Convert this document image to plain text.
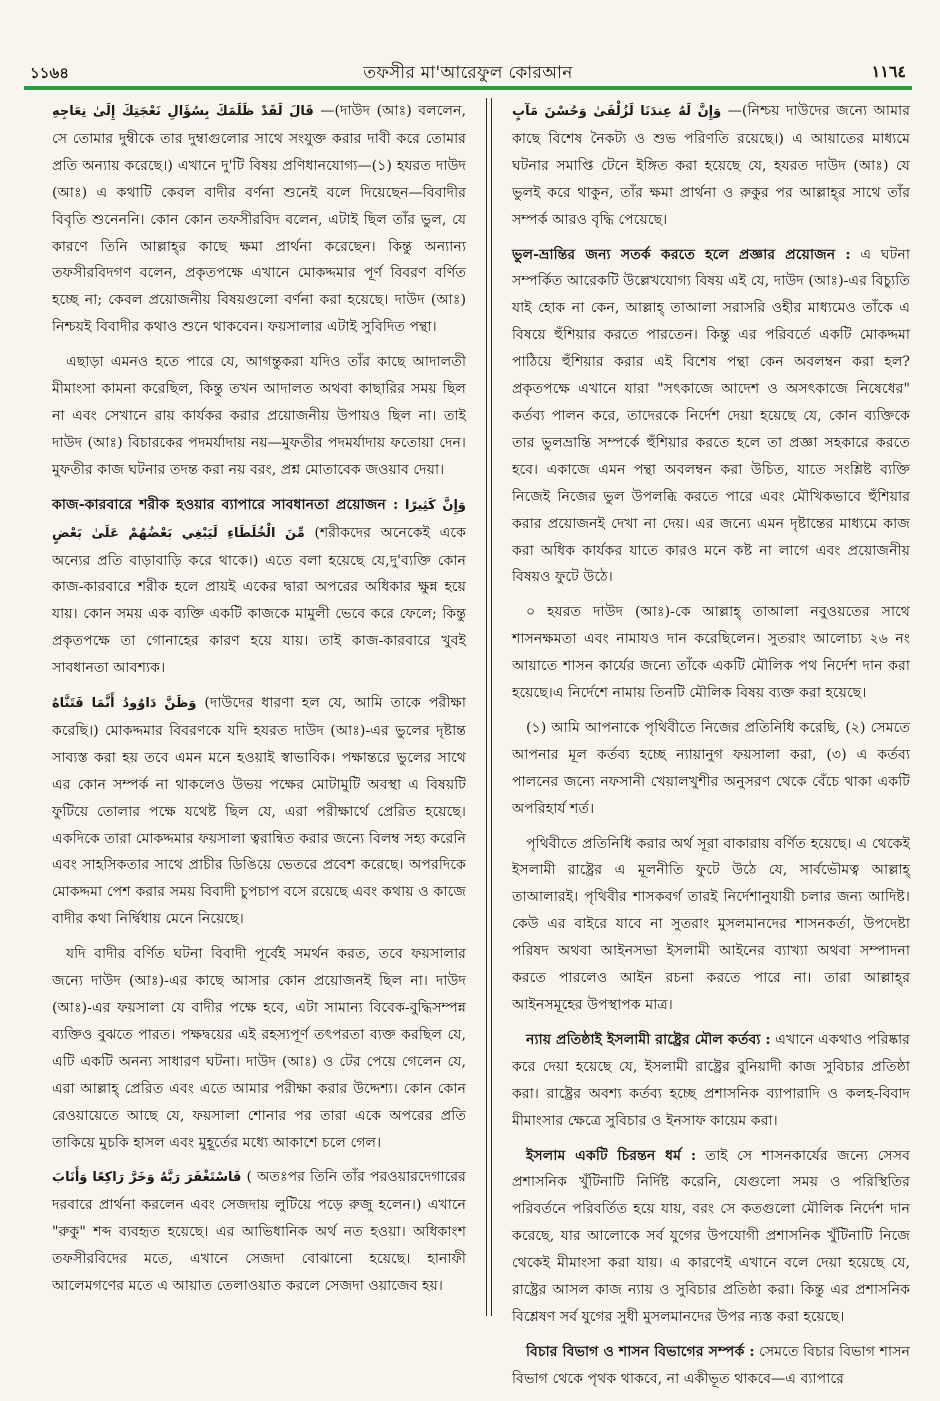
১১৬৪	তফসীর মা'আরেফুল কোরআন	١١٦٤

قَالَ لَقَدْ ظَلَمَكَ بِسُؤَالِ نَعْجَتِكَ إِلَىٰ نِعَاجِهِ —(দাউদ (আঃ) বললেন, সে তোমার দুম্বীকে তার দুম্বাগুলোর সাথে সংযুক্ত করার দাবী করে তোমার প্রতি অন্যায় করেছে।) এখানে দু'টি বিষয় প্রণিধানযোগ্য—(১) হযরত দাউদ (আঃ) এ কথাটি কেবল বাদীর বর্ণনা শুনেই বলে দিয়েছেন—বিবাদীর বিবৃতি শুনেননি। কোন কোন তফসীরবিদ বলেন, এটাই ছিল তাঁর ভুল, যে কারণে তিনি আল্লাহ্‌র কাছে ক্ষমা প্রার্থনা করেছেন। কিন্তু অন্যান্য তফসীরবিদগণ বলেন, প্রকৃতপক্ষে এখানে মোকদ্দমার পূর্ণ বিবরণ বর্ণিত হচ্ছে না; কেবল প্রয়োজনীয় বিষয়গুলো বর্ণনা করা হয়েছে। দাউদ (আঃ) নিশ্চয়ই বিবাদীর কথাও শুনে থাকবেন। ফয়সালার এটাই সুবিদিত পন্থা।

এছাড়া এমনও হতে পারে যে, আগন্তুকরা যদিও তাঁর কাছে আদালতী মীমাংসা কামনা করেছিল, কিন্তু তখন আদালত অথবা কাছারির সময় ছিল না এবং সেখানে রায় কার্যকর করার প্রয়োজনীয় উপায়ও ছিল না। তাই দাউদ (আঃ) বিচারকের পদমর্যাদায় নয়—মুফতীর পদমর্যাদায় ফতোয়া দেন। মুফতীর কাজ ঘটনার তদন্ত করা নয় বরং, প্রশ্ন মোতাবেক জওয়াব দেয়া।

কাজ-কারবারে শরীক হওয়ার ব্যাপারে সাবধানতা প্রয়োজন : وَإِنَّ كَثِيرًا مِّنَ الْخُلَطَاءِ لَيَبْغِي بَعْضُهُمْ عَلَىٰ بَعْضٍ (শরীকদের অনেকেই একে অন্যের প্রতি বাড়াবাড়ি করে থাকে।) এতে বলা হয়েছে যে,দু'ব্যক্তি কোন কাজ-কারবারে শরীক হলে প্রায়ই একের দ্বারা অপরের অধিকার ক্ষুন্ন হয়ে যায়। কোন সময় এক ব্যক্তি একটি কাজকে মামুলী ভেবে করে ফেলে; কিন্তু প্রকৃতপক্ষে তা গোনাহের কারণ হয়ে যায়। তাই কাজ-কারবারে খুবই সাবধানতা আবশ্যক।

وَظَنَّ دَاوُودُ أَنَّمَا فَتَنَّاهُ (দাউদের ধারণা হল যে, আমি তাকে পরীক্ষা করেছি।) মোকদ্দমার বিবরণকে যদি হযরত দাউদ (আঃ)-এর ভুলের দৃষ্টান্ত সাব্যস্ত করা হয় তবে এমন মনে হওয়াই স্বাভাবিক। পক্ষান্তরে ভুলের সাথে এর কোন সম্পর্ক না থাকলেও উভয় পক্ষের মোটামুটি অবস্থা এ বিষয়টি ফুটিয়ে তোলার পক্ষে যথেষ্ট ছিল যে, এরা পরীক্ষার্থে প্রেরিত হয়েছে। একদিকে তারা মোকদ্দমার ফয়সালা ত্বরান্বিত করার জন্যে বিলম্ব সহ্য করেনি এবং সাহসিকতার সাথে প্রাচীর ডিঙিয়ে ভেতরে প্রবেশ করেছে। অপরদিকে মোকদ্দমা পেশ করার সময় বিবাদী চুপচাপ বসে রয়েছে এবং কথায় ও কাজে বাদীর কথা নির্দ্বিধায় মেনে নিয়েছে।

যদি বাদীর বর্ণিত ঘটনা বিবাদী পূর্বেই সমর্থন করত, তবে ফয়সালার জন্যে দাউদ (আঃ)-এর কাছে আসার কোন প্রয়োজনই ছিল না। দাউদ (আঃ)-এর ফয়সালা যে বাদীর পক্ষে হবে, এটা সামান্য বিবেক-বুদ্ধিসম্পন্ন ব্যক্তিও বুঝতে পারত। পক্ষদ্বয়ের এই রহস্যপূর্ণ তৎপরতা ব্যক্ত করছিল যে, এটি একটি অনন্য সাধারণ ঘটনা। দাউদ (আঃ) ও টের পেয়ে গেলেন যে, এরা আল্লাহ্‌ প্রেরিত এবং এতে আমার পরীক্ষা করার উদ্দেশ্য। কোন কোন রেওয়ায়েতে আছে যে, ফয়সালা শোনার পর তারা একে অপরের প্রতি তাকিয়ে মুচকি হাসল এবং মুহূর্তের মধ্যে আকাশে চলে গেল।

فَاسْتَغْفَرَ رَبَّهُ وَخَرَّ رَاكِعًا وَأَنَابَ ( অতঃপর তিনি তাঁর পরওয়ারদেগারের দরবারে প্রার্থনা করলেন এবং সেজদায় লুটিয়ে পড়ে রুজু হলেন।) এখানে "রুকু" শব্দ ব্যবহৃত হয়েছে। এর আভিধানিক অর্থ নত হওয়া। অধিকাংশ তফসীরবিদের মতে, এখানে সেজদা বোঝানো হয়েছে। হানাফী আলেমগণের মতে এ আয়াত তেলাওয়াত করলে সেজদা ওয়াজেব হয়।

وَإِنَّ لَهُ عِندَنَا لَزُلْفَىٰ وَحُسْنَ مَآبٍ —(নিশ্চয় দাউদের জন্যে আমার কাছে বিশেষ নৈকট্য ও শুভ পরিণতি রয়েছে।) এ আয়াতের মাধ্যমে ঘটনার সমাপ্তি টেনে ইঙ্গিত করা হয়েছে যে, হযরত দাউদ (আঃ) যে ভুলই করে থাকুন, তাঁর ক্ষমা প্রার্থনা ও রুকুর পর আল্লাহ্‌র সাথে তাঁর সম্পর্ক আরও বৃদ্ধি পেয়েছে।

ভুল-ভ্রান্তির জন্য সতর্ক করতে হলে প্রজ্ঞার প্রয়োজন : এ ঘটনা সম্পর্কিত আরেকটি উল্লেখযোগ্য বিষয় এই যে, দাউদ (আঃ)-এর বিচ্যুতি যাই হোক না কেন, আল্লাহ্‌ তাআলা সরাসরি ওহীর মাধ্যমেও তাঁকে এ বিষয়ে হুঁশিয়ার করতে পারতেন। কিন্তু এর পরিবর্তে একটি মোকদ্দমা পাঠিয়ে হুঁশিয়ার করার এই বিশেষ পন্থা কেন অবলম্বন করা হল? প্রকৃতপক্ষে এখানে যারা "সৎকাজে আদেশ ও অসৎকাজে নিষেধের" কর্তব্য পালন করে, তাদেরকে নির্দেশ দেয়া হয়েছে যে, কোন ব্যক্তিকে তার ভুলভ্রান্তি সম্পর্কে হুঁশিয়ার করতে হলে তা প্রজ্ঞা সহকারে করতে হবে। একাজে এমন পন্থা অবলম্বন করা উচিত, যাতে সংশ্লিষ্ট ব্যক্তি নিজেই নিজের ভুল উপলব্ধি করতে পারে এবং মৌখিকভাবে হুঁশিয়ার করার প্রয়োজনই দেখা না দেয়। এর জন্যে এমন দৃষ্টান্তের মাধ্যমে কাজ করা অধিক কার্যকর যাতে কারও মনে কষ্ট না লাগে এবং প্রয়োজনীয় বিষয়ও ফুটে উঠে।

০ হযরত দাউদ (আঃ)-কে আল্লাহ্‌ তাআলা নবুওয়তের সাথে শাসনক্ষমতা এবং নামাযও দান করেছিলেন। সুতরাং আলোচ্য ২৬ নং আয়াতে শাসন কার্যের জন্যে তাঁকে একটি মৌলিক পথ নির্দেশ দান করা হয়েছে।এ নির্দেশে নামায় তিনটি মৌলিক বিষয় ব্যক্ত করা হয়েছে।

(১) আমি আপনাকে পৃথিবীতে নিজের প্রতিনিধি করেছি, (২) সেমতে আপনার মূল কর্তব্য হচ্ছে ন্যায়ানুগ ফয়সালা করা, (৩) এ কর্তব্য পালনের জন্যে নফসানী খেয়ালখুশীর অনুসরণ থেকে বেঁচে থাকা একটি অপরিহার্য শর্ত।

পৃথিবীতে প্রতিনিধি করার অর্থ সূরা বাকারায় বর্ণিত হয়েছে। এ থেকেই ইসলামী রাষ্ট্রের এ মূলনীতি ফুটে উঠে যে, সার্বভৌমত্ব আল্লাহ্‌ তাআলারই। পৃথিবীর শাসকবর্গ তারই নির্দেশানুযায়ী চলার জন্য আদিষ্ট। কেউ এর বাইরে যাবে না সুতরাং মুসলমানদের শাসনকর্তা, উপদেষ্টা পরিষদ অথবা আইনসভা ইসলামী আইনের ব্যাখ্যা অথবা সম্পাদনা করতে পারলেও আইন রচনা করতে পারে না। তারা আল্লাহ্‌র আইনসমূহের উপস্থাপক মাত্র।

ন্যায় প্রতিষ্ঠাই ইসলামী রাষ্ট্রের মৌল কর্তব্য : এখানে একথাও পরিষ্কার করে দেয়া হয়েছে যে, ইসলামী রাষ্ট্রের বুনিয়াদী কাজ সুবিচার প্রতিষ্ঠা করা। রাষ্ট্রের অবশ্য কর্তব্য হচ্ছে প্রশাসনিক ব্যাপারাদি ও কলহ-বিবাদ মীমাংসার ক্ষেত্রে সুবিচার ও ইনসাফ কায়েম করা।

ইসলাম একটি চিরন্তন ধর্ম : তাই সে শাসনকার্যের জন্যে সেসব প্রশাসনিক খুঁটিনাটি নির্দিষ্ট করেনি, যেগুলো সময় ও পরিস্থিতির পরিবর্তনে পরিবর্তিত হয়ে যায়, বরং সে কতগুলো মৌলিক নির্দেশ দান করেছে, যার আলোকে সর্ব যুগের উপযোগী প্রশাসনিক খুঁটিনাটি নিজে থেকেই মীমাংসা করা যায়। এ কারণেই এখানে বলে দেয়া হয়েছে যে, রাষ্ট্রের আসল কাজ ন্যায় ও সুবিচার প্রতিষ্ঠা করা। কিন্তু এর প্রশাসনিক বিশ্লেষণ সর্ব যুগের সুধী মুসলমানদের উপর ন্যস্ত করা হয়েছে।

বিচার বিভাগ ও শাসন বিভাগের সম্পর্ক : সেমতে বিচার বিভাগ শাসন বিভাগ থেকে পৃথক থাকবে, না একীভূত থাকবে—এ ব্যাপারে
